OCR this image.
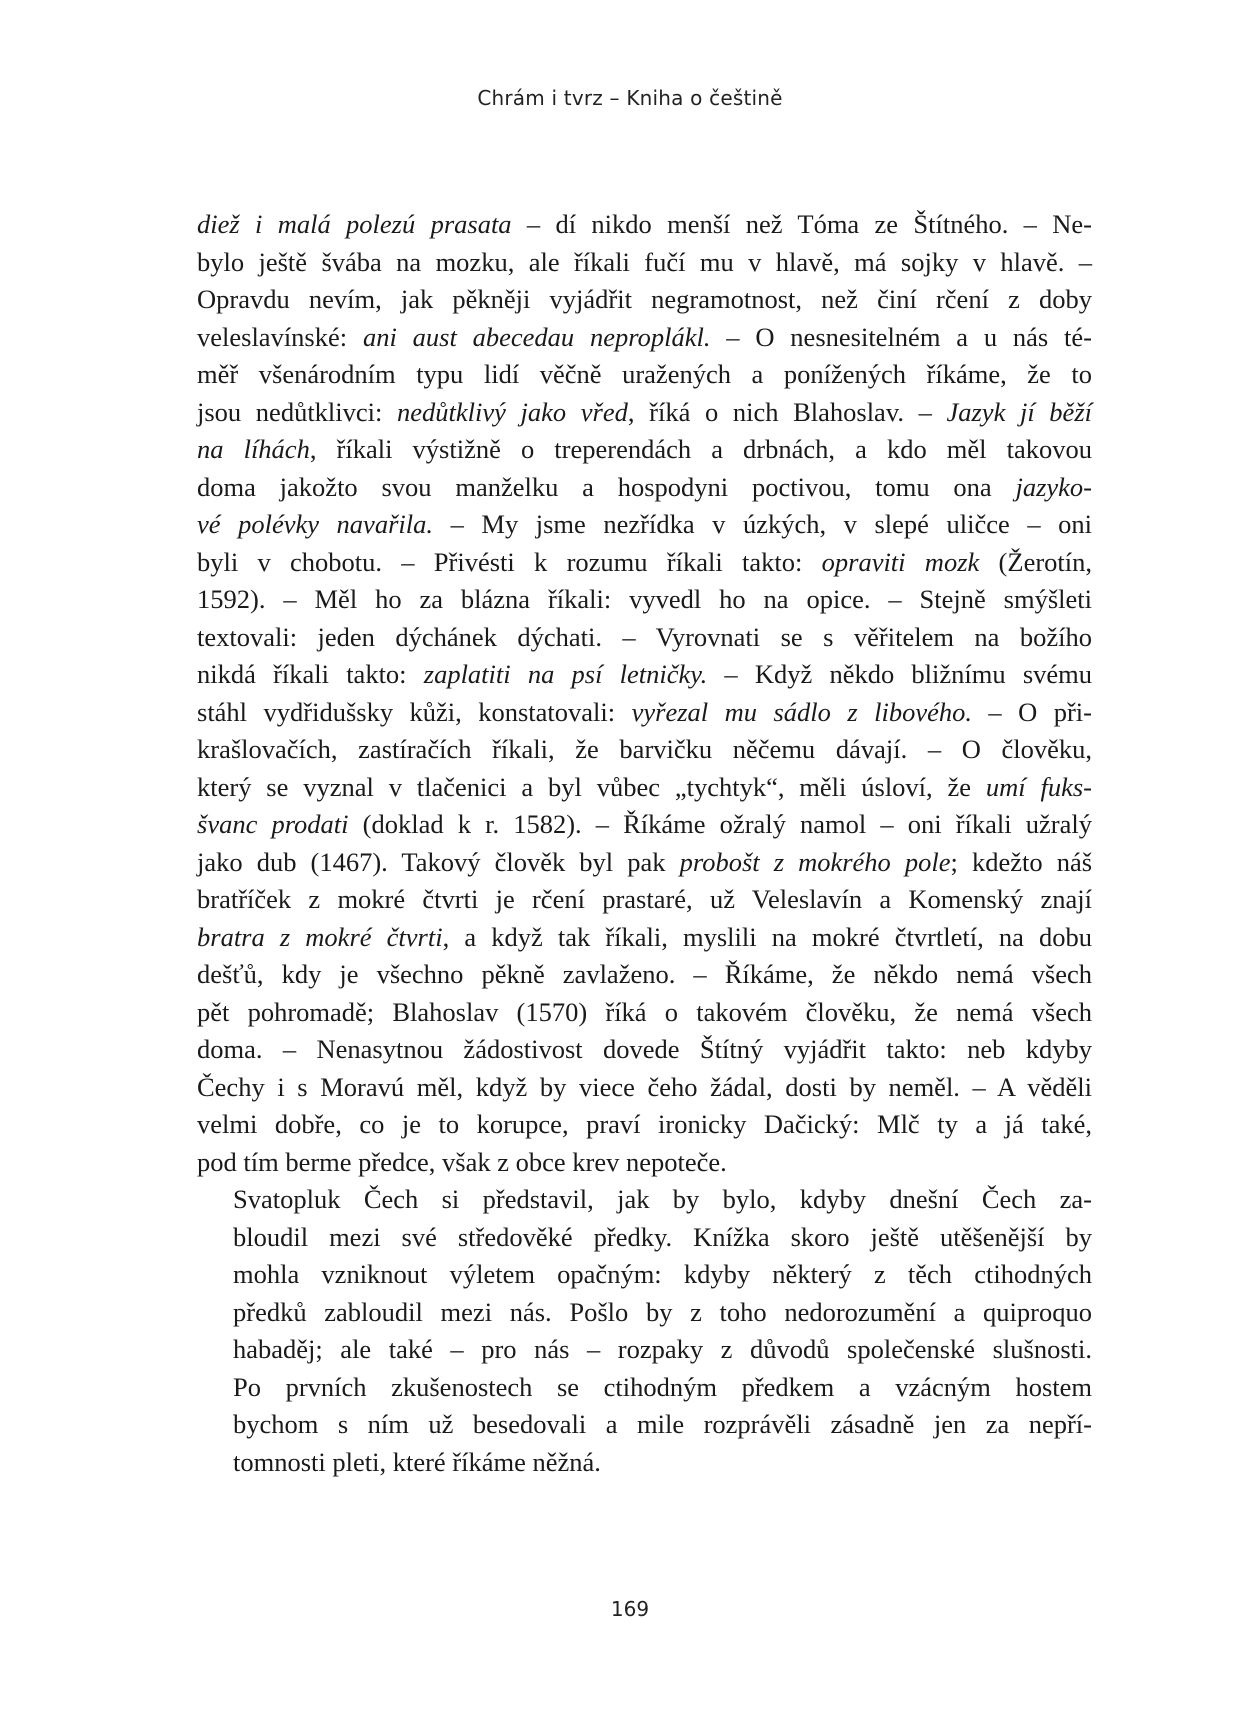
Chrám i tvrz – Kniha o češtině

diež i malá polezú prasata – dí nikdo menší než Tóma ze Štítného. – Ne-
bylo ještě švába na mozku, ale říkali fučí mu v hlavě, má sojky v hlavě. –
Opravdu nevím, jak pěkněji vyjádřit negramotnost, než činí rčení z doby
veleslavínské: ani aust abecedau neproplákl. – O nesnesitelném a u nás té-
měř všenárodním typu lidí věčně uražených a ponížených říkáme, že to
jsou nedůtklivci: nedůtklivý jako vřed, říká o nich Blahoslav. – Jazyk jí běží
na líhách, říkali výstižně o treperendách a drbnách, a kdo měl takovou
doma jakožto svou manželku a hospodyni poctivou, tomu ona jazyko-
vé polévky navařila. – My jsme nezřídka v úzkých, v slepé uličce – oni
byli v chobotu. – Přivésti k rozumu říkali takto: opraviti mozk (Žerotín,
1592). – Měl ho za blázna říkali: vyvedl ho na opice. – Stejně smýšleti
textovali: jeden dýchánek dýchati. – Vyrovnati se s věřitelem na božího
nikdá říkali takto: zaplatiti na psí letničky. – Když někdo bližnímu svému
stáhl vydřidušsky kůži, konstatovali: vyřezal mu sádlo z libového. – O při-
krašlovačích, zastíračích říkali, že barvičku něčemu dávají. – O člověku,
který se vyznal v tlačenici a byl vůbec „tychtyk“, měli úsloví, že umí fuks-
švanc prodati (doklad k r. 1582). – Říkáme ožralý namol – oni říkali užralý
jako dub (1467). Takový člověk byl pak probošt z mokrého pole; kdežto náš
bratříček z mokré čtvrti je rčení prastaré, už Veleslavín a Komenský znají
bratra z mokré čtvrti, a když tak říkali, myslili na mokré čtvrtletí, na dobu
dešťů, kdy je všechno pěkně zavlaženo. – Říkáme, že někdo nemá všech
pět pohromadě; Blahoslav (1570) říká o takovém člověku, že nemá všech
doma. – Nenasytnou žádostivost dovede Štítný vyjádřit takto: neb kdyby
Čechy i s Moravú měl, když by viece čeho žádal, dosti by neměl. – A věděli
velmi dobře, co je to korupce, praví ironicky Dačický: Mlč ty a já také,
pod tím berme předce, však z obce krev nepoteče.

Svatopluk Čech si představil, jak by bylo, kdyby dnešní Čech za-
bloudil mezi své středověké předky. Knížka skoro ještě utěšenější by
mohla vzniknout výletem opačným: kdyby některý z těch ctihodných
předků zabloudil mezi nás. Pošlo by z toho nedorozumění a quiproquo
habaděj; ale také – pro nás – rozpaky z důvodů společenské slušnosti.
Po prvních zkušenostech se ctihodným předkem a vzácným hostem
bychom s ním už besedovali a mile rozprávěli zásadně jen za nepří-
tomnosti pleti, které říkáme něžná.

169
